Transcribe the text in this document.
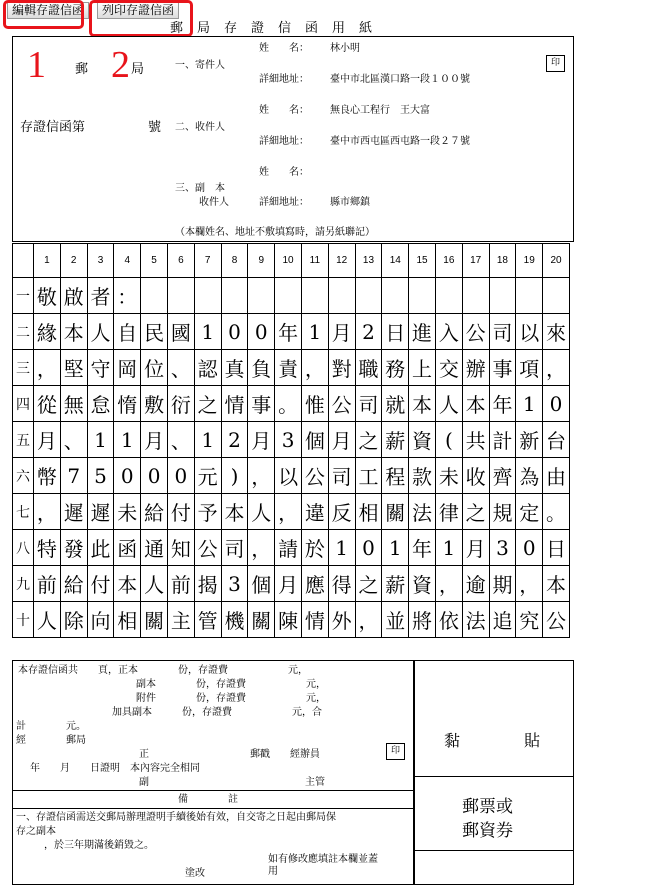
編輯存證信函	列印存證信函
郵局存證信函用紙
1 2
郵	局
存證信函第	號
一、寄件人
姓　　名： 林小明
詳細地址： 臺中市北區漢口路一段１００號
印
二、收件人
姓　　名： 無良心工程行　王大富
詳細地址： 臺中市西屯區西屯路一段２７號
三、副　本
收件人
姓　　名：
詳細地址： 縣市鄉鎮
（本欄姓名、地址不敷填寫時，請另紙聯記）
	1	2	3	4	5	6	7	8	9	10	11	12	13	14	15	16	17	18	19	20
一	敬	啟	者	：																
二	緣	本	人	自	民	國	1	0	0	年	1	月	2	日	進	入	公	司	以	來
三	，	堅	守	岡	位	、	認	真	負	責	，	對	職	務	上	交	辦	事	項	，
四	從	無	怠	惰	敷	衍	之	情	事	。	惟	公	司	就	本	人	本	年	1	0
五	月	、	1	1	月	、	1	2	月	3	個	月	之	薪	資	(	共	計	新	台
六	幣	7	5	0	0	0	元	)	，	以	公	司	工	程	款	未	收	齊	為	由
七	，	遲	遲	未	給	付	予	本	人	，	違	反	相	關	法	律	之	規	定	。
八	特	發	此	函	通	知	公	司	，	請	於	1	0	1	年	1	月	3	0	日
九	前	給	付	本	人	前	揭	3	個	月	應	得	之	薪	資	，	逾	期	，	本
十	人	除	向	相	關	主	管	機	關	陳	情	外	，	並	將	依	法	追	究	公
本存證信函共　　頁，正本　　　　份，存證費　　　　　　元，
副本　　　　份，存證費　　　　　　元，
附件　　　　份，存證費　　　　　　元，
加具副本　　　份，存證費　　　　　　元，合
計　　　　元。
經　　　　郵局
正	郵戳　　經辦員	印
年　　月　　日證明　本內容完全相同
副	主管
備　　　　註
一、存證信函需送交郵局辦理證明手續後始有效，自交寄之日起由郵局保
存之副本
，於三年期滿後銷毀之。
如有修改應填註本欄並蓋
用
塗改
黏　　　　貼
郵票或
郵資券
